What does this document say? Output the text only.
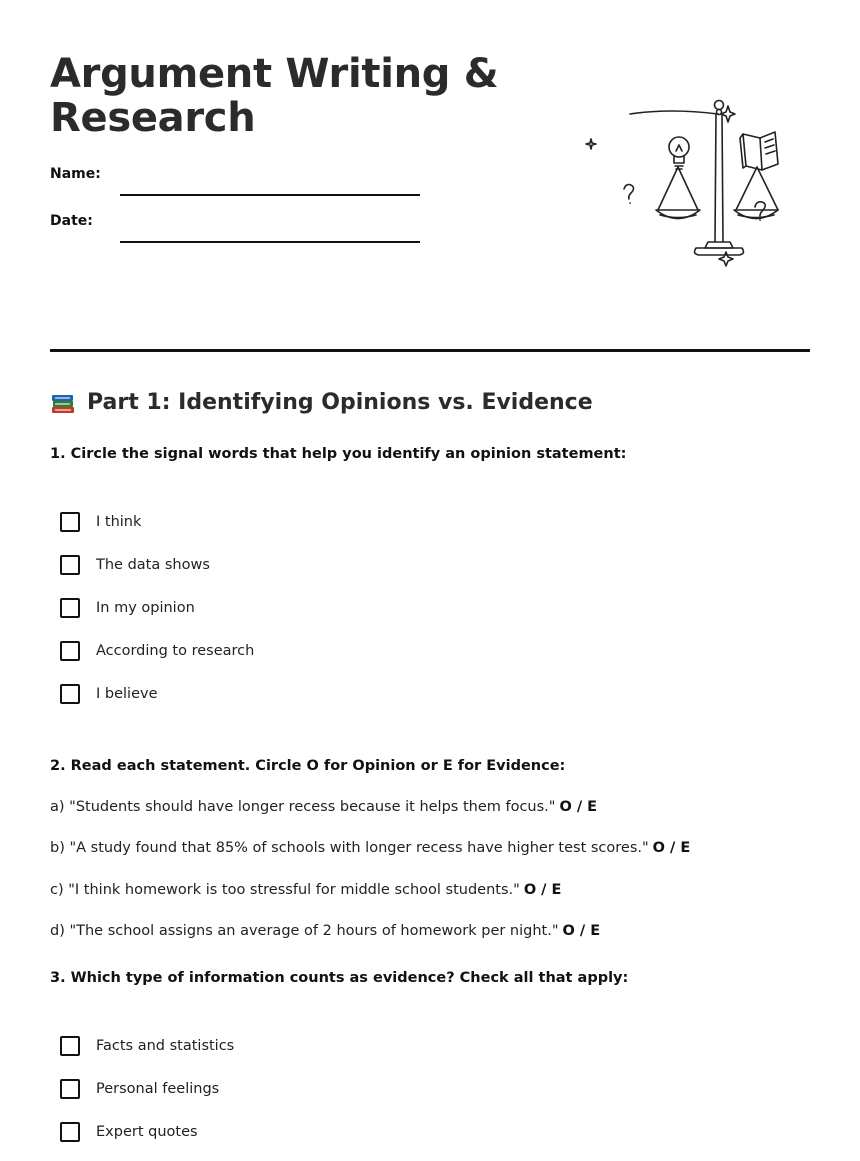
Argument Writing & Research
Name:
Date:
Part 1: Identifying Opinions vs. Evidence

1. Circle the signal words that help you identify an opinion statement:

I think
The data shows
In my opinion
According to research
I believe

2. Read each statement. Circle O for Opinion or E for Evidence:

a) "Students should have longer recess because it helps them focus." O / E

b) "A study found that 85% of schools with longer recess have higher test scores." O / E

c) "I think homework is too stressful for middle school students." O / E

d) "The school assigns an average of 2 hours of homework per night." O / E

3. Which type of information counts as evidence? Check all that apply:

Facts and statistics
Personal feelings
Expert quotes
